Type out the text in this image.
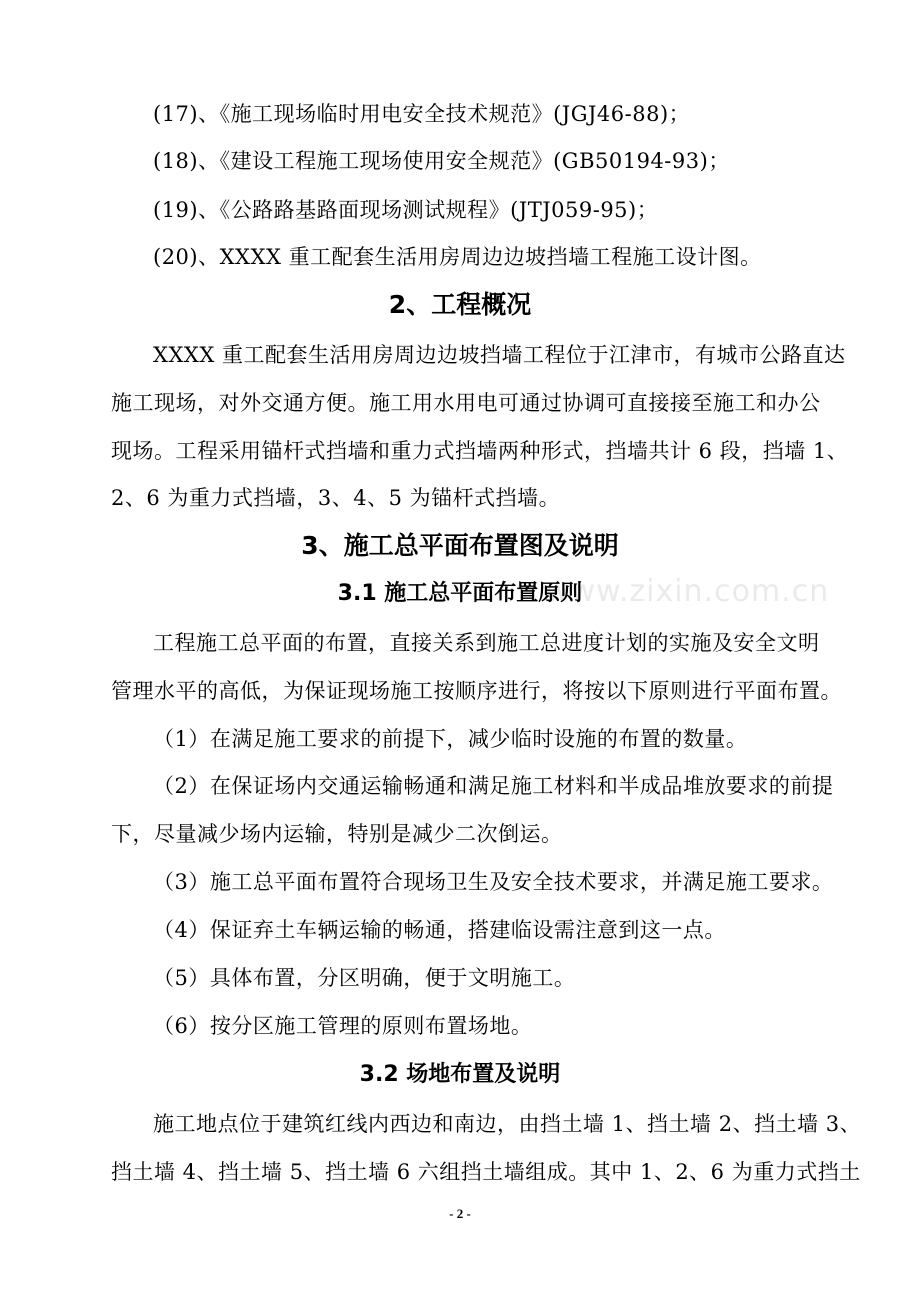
(17)、《施工现场临时用电安全技术规范》(JGJ46-88)；
(18)、《建设工程施工现场使用安全规范》(GB50194-93)；
(19)、《公路路基路面现场测试规程》(JTJ059-95)；
(20)、XXXX 重工配套生活用房周边边坡挡墙工程施工设计图。
2、工程概况
XXXX 重工配套生活用房周边边坡挡墙工程位于江津市，有城市公路直达
施工现场，对外交通方便。施工用水用电可通过协调可直接接至施工和办公
现场。工程采用锚杆式挡墙和重力式挡墙两种形式，挡墙共计 6 段，挡墙 1、
2、6 为重力式挡墙，3、4、5 为锚杆式挡墙。
3、施工总平面布置图及说明
3.1 施工总平面布置原则
www.zixin.com.cn
工程施工总平面的布置，直接关系到施工总进度计划的实施及安全文明
管理水平的高低，为保证现场施工按顺序进行，将按以下原则进行平面布置。
（1）在满足施工要求的前提下，减少临时设施的布置的数量。
（2）在保证场内交通运输畅通和满足施工材料和半成品堆放要求的前提
下，尽量减少场内运输，特别是减少二次倒运。
（3）施工总平面布置符合现场卫生及安全技术要求，并满足施工要求。
（4）保证弃土车辆运输的畅通，搭建临设需注意到这一点。
（5）具体布置，分区明确，便于文明施工。
（6）按分区施工管理的原则布置场地。
3.2 场地布置及说明
施工地点位于建筑红线内西边和南边，由挡土墙 1、挡土墙 2、挡土墙 3、
挡土墙 4、挡土墙 5、挡土墙 6 六组挡土墙组成。其中 1、2、6 为重力式挡土
- 2 -
